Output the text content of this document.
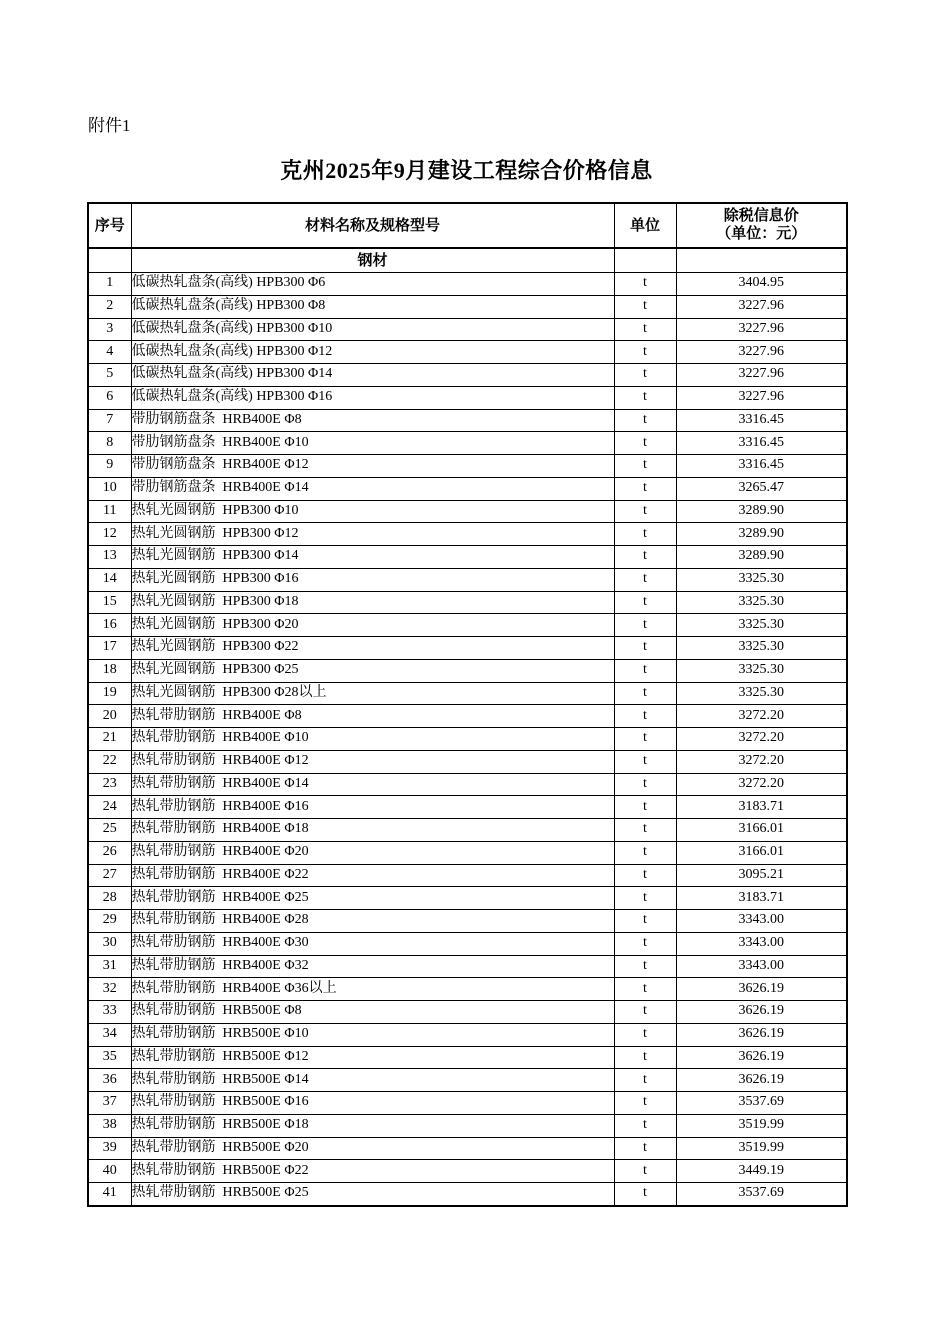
附件1
克州2025年9月建设工程综合价格信息
序号	材料名称及规格型号	单位	除税信息价
（单位：元）

	钢材		
1	低碳热轧盘条(高线) HPB300 Φ6	t	3404.95
2	低碳热轧盘条(高线) HPB300 Φ8	t	3227.96
3	低碳热轧盘条(高线) HPB300 Φ10	t	3227.96
4	低碳热轧盘条(高线) HPB300 Φ12	t	3227.96
5	低碳热轧盘条(高线) HPB300 Φ14	t	3227.96
6	低碳热轧盘条(高线) HPB300 Φ16	t	3227.96
7	带肋钢筋盘条  HRB400E Φ8	t	3316.45
8	带肋钢筋盘条  HRB400E Φ10	t	3316.45
9	带肋钢筋盘条  HRB400E Φ12	t	3316.45
10	带肋钢筋盘条  HRB400E Φ14	t	3265.47
11	热轧光圆钢筋  HPB300 Φ10	t	3289.90
12	热轧光圆钢筋  HPB300 Φ12	t	3289.90
13	热轧光圆钢筋  HPB300 Φ14	t	3289.90
14	热轧光圆钢筋  HPB300 Φ16	t	3325.30
15	热轧光圆钢筋  HPB300 Φ18	t	3325.30
16	热轧光圆钢筋  HPB300 Φ20	t	3325.30
17	热轧光圆钢筋  HPB300 Φ22	t	3325.30
18	热轧光圆钢筋  HPB300 Φ25	t	3325.30
19	热轧光圆钢筋  HPB300 Φ28以上	t	3325.30
20	热轧带肋钢筋  HRB400E Φ8	t	3272.20
21	热轧带肋钢筋  HRB400E Φ10	t	3272.20
22	热轧带肋钢筋  HRB400E Φ12	t	3272.20
23	热轧带肋钢筋  HRB400E Φ14	t	3272.20
24	热轧带肋钢筋  HRB400E Φ16	t	3183.71
25	热轧带肋钢筋  HRB400E Φ18	t	3166.01
26	热轧带肋钢筋  HRB400E Φ20	t	3166.01
27	热轧带肋钢筋  HRB400E Φ22	t	3095.21
28	热轧带肋钢筋  HRB400E Φ25	t	3183.71
29	热轧带肋钢筋  HRB400E Φ28	t	3343.00
30	热轧带肋钢筋  HRB400E Φ30	t	3343.00
31	热轧带肋钢筋  HRB400E Φ32	t	3343.00
32	热轧带肋钢筋  HRB400E Φ36以上	t	3626.19
33	热轧带肋钢筋  HRB500E Φ8	t	3626.19
34	热轧带肋钢筋  HRB500E Φ10	t	3626.19
35	热轧带肋钢筋  HRB500E Φ12	t	3626.19
36	热轧带肋钢筋  HRB500E Φ14	t	3626.19
37	热轧带肋钢筋  HRB500E Φ16	t	3537.69
38	热轧带肋钢筋  HRB500E Φ18	t	3519.99
39	热轧带肋钢筋  HRB500E Φ20	t	3519.99
40	热轧带肋钢筋  HRB500E Φ22	t	3449.19
41	热轧带肋钢筋  HRB500E Φ25	t	3537.69
